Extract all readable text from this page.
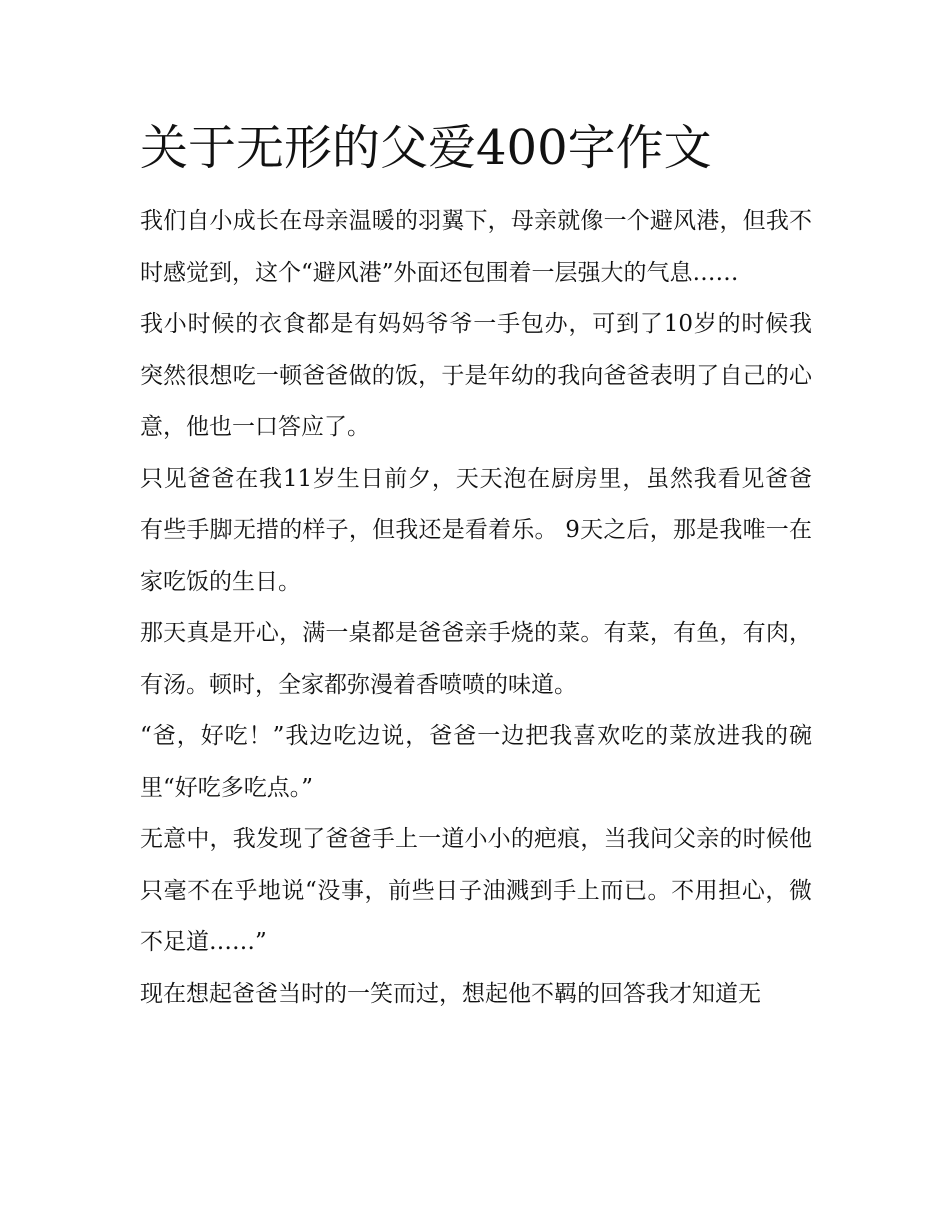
关于无形的父爱400字作文

我们自小成长在母亲温暖的羽翼下，母亲就像一个避风港，但我不时感觉到，这个“避风港”外面还包围着一层强大的气息……

我小时候的衣食都是有妈妈爷爷一手包办，可到了10岁的时候我突然很想吃一顿爸爸做的饭，于是年幼的我向爸爸表明了自己的心意，他也一口答应了。

只见爸爸在我11岁生日前夕，天天泡在厨房里，虽然我看见爸爸有些手脚无措的样子，但我还是看着乐。 9天之后，那是我唯一在家吃饭的生日。

那天真是开心，满一桌都是爸爸亲手烧的菜。有菜，有鱼，有肉，有汤。顿时，全家都弥漫着香喷喷的味道。

“爸，好吃！”我边吃边说，爸爸一边把我喜欢吃的菜放进我的碗里“好吃多吃点。”

无意中，我发现了爸爸手上一道小小的疤痕，当我问父亲的时候他只毫不在乎地说“没事，前些日子油溅到手上而已。不用担心，微不足道……”

现在想起爸爸当时的一笑而过，想起他不羁的回答我才知道无
